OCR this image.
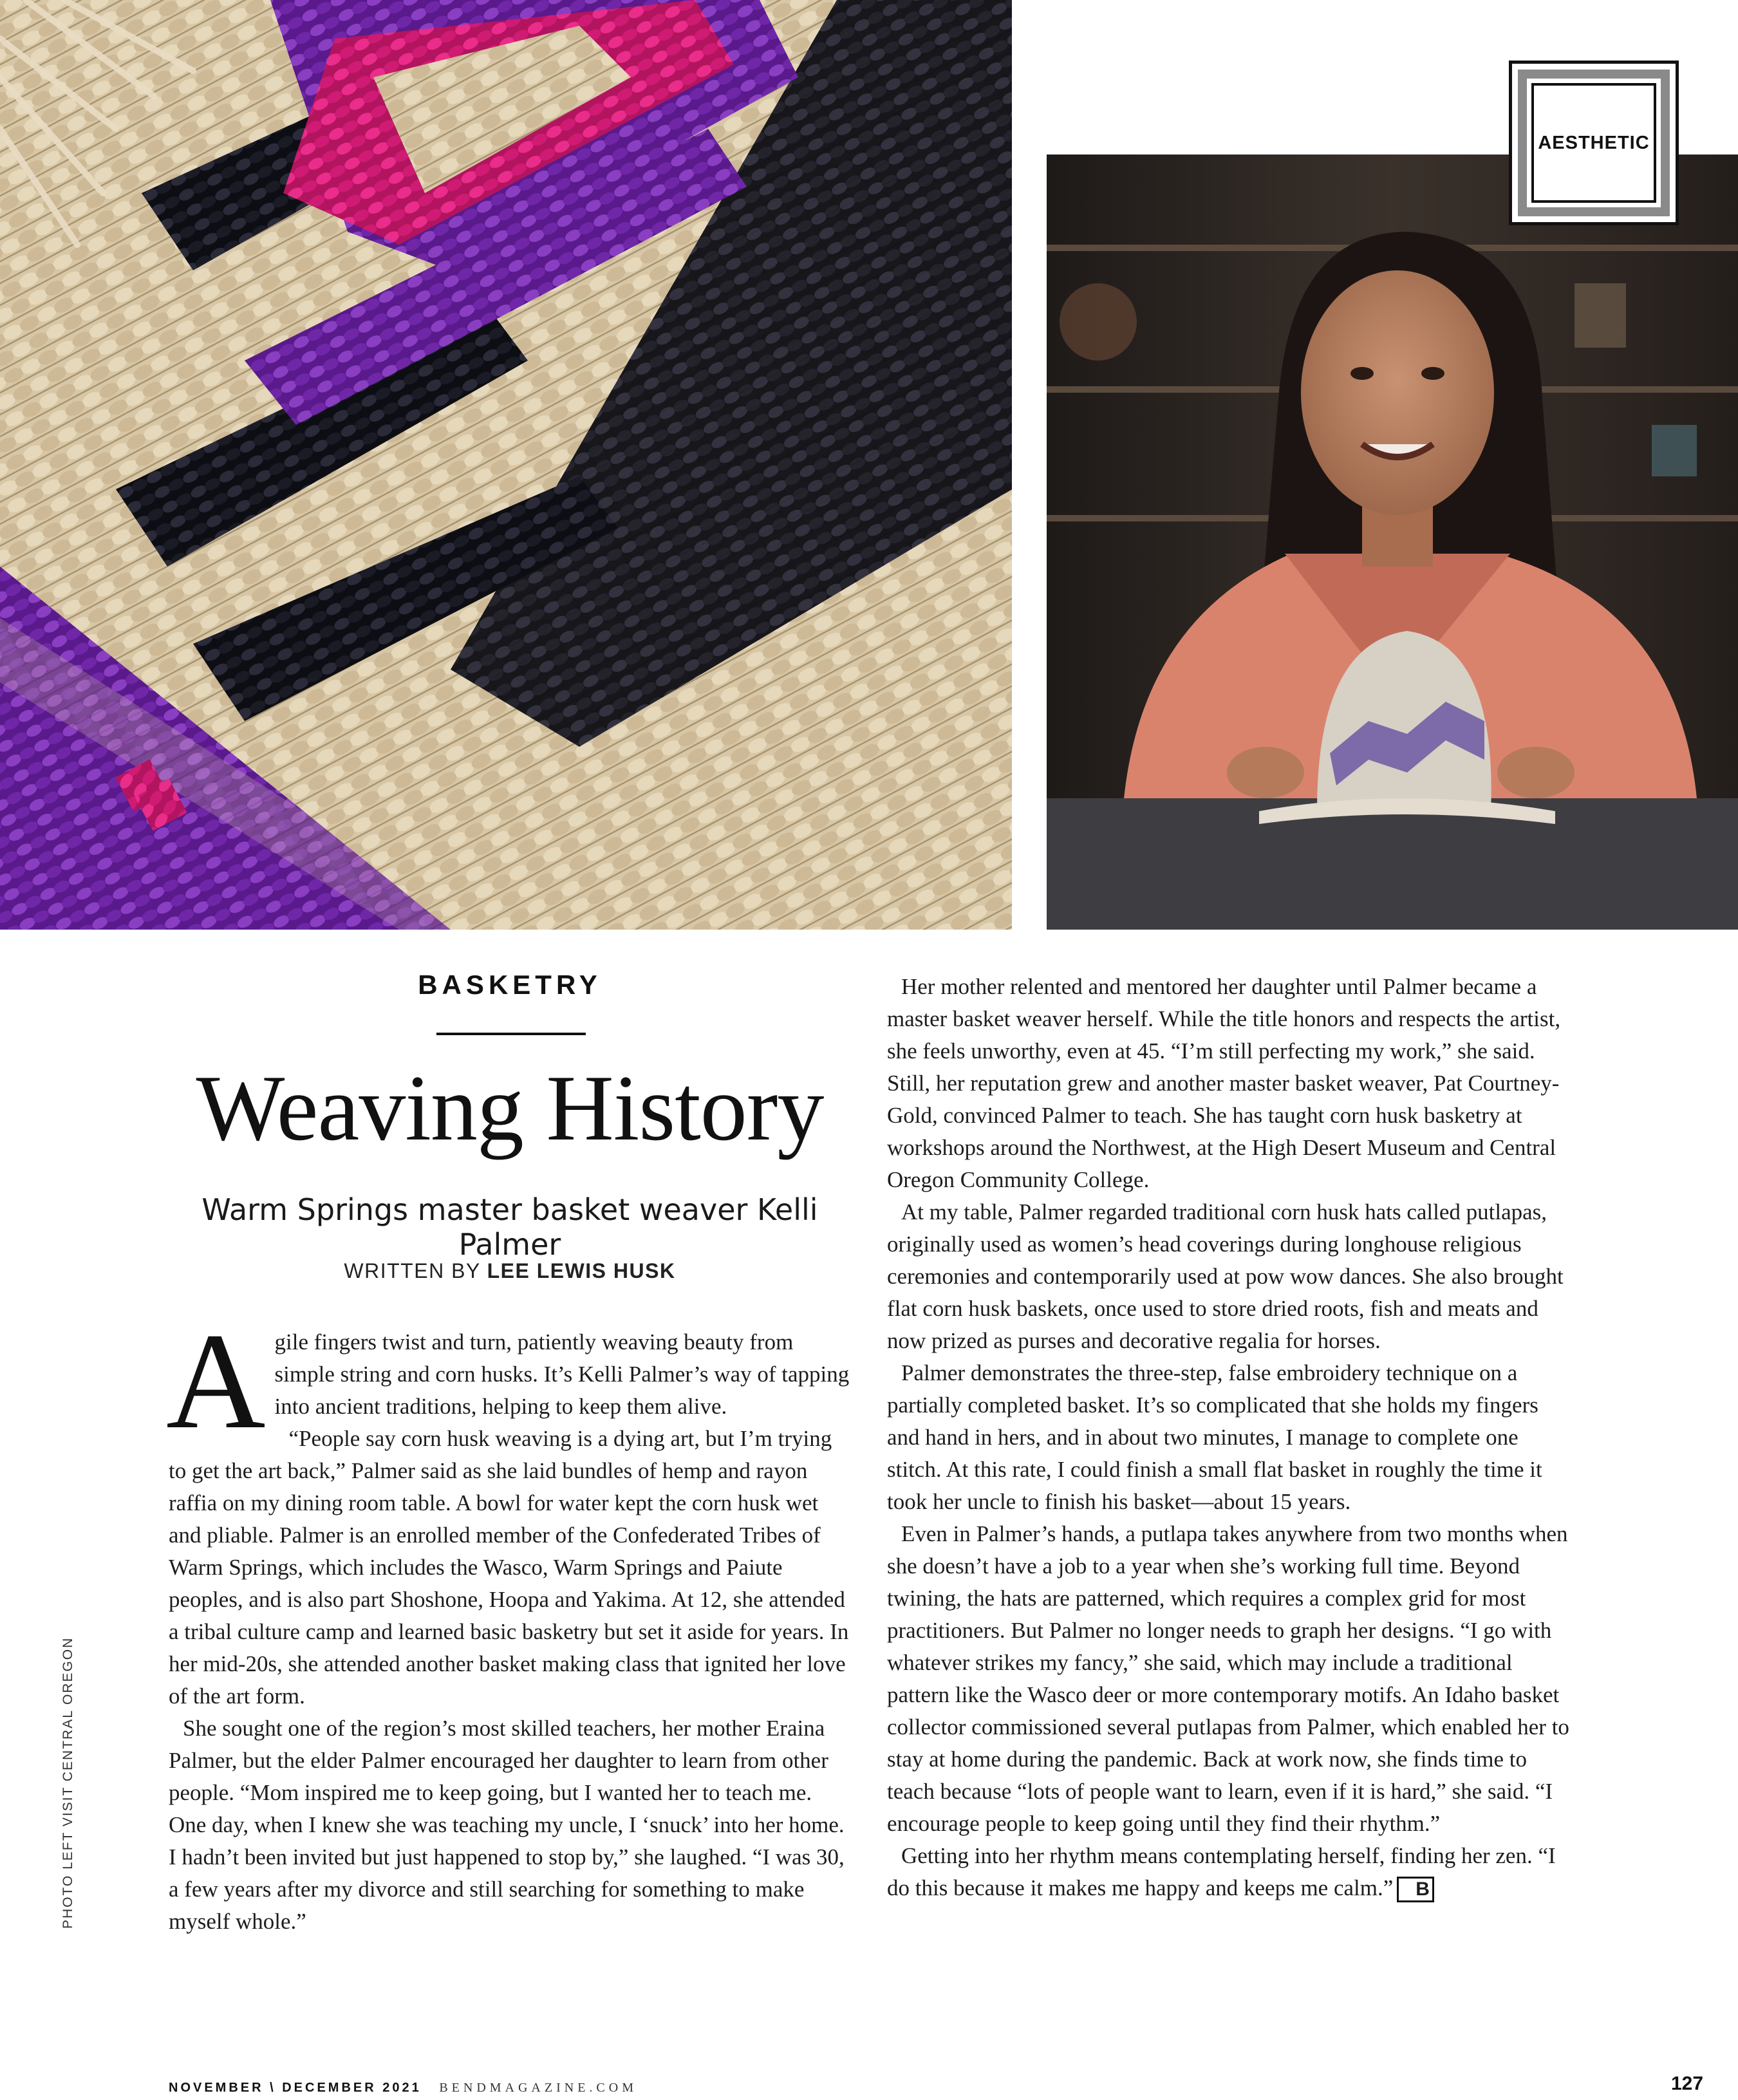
AESTHETIC
BASKETRY
Weaving History
Warm Springs master basket weaver Kelli Palmer
WRITTEN BY LEE LEWIS HUSK

Agile fingers twist and turn, patiently weaving beauty from simple string and corn husks. It’s Kelli Palmer’s way of tapping into ancient traditions, helping to keep them alive.

“People say corn husk weaving is a dying art, but I’m trying to get the art back,” Palmer said as she laid bundles of hemp and rayon raffia on my dining room table. A bowl for water kept the corn husk wet and pliable. Palmer is an enrolled member of the Confederated Tribes of Warm Springs, which includes the Wasco, Warm Springs and Paiute peoples, and is also part Shoshone, Hoopa and Yakima. At 12, she attended a tribal culture camp and learned basic basketry but set it aside for years. In her mid-20s, she attended another basket making class that ignited her love of the art form.

She sought one of the region’s most skilled teachers, her mother Eraina Palmer, but the elder Palmer encouraged her daughter to learn from other people. “Mom inspired me to keep going, but I wanted her to teach me. One day, when I knew she was teaching my uncle, I ‘snuck’ into her home. I hadn’t been invited but just happened to stop by,” she laughed. “I was 30, a few years after my divorce and still searching for something to make myself whole.”

Her mother relented and mentored her daughter until Palmer became a master basket weaver herself. While the title honors and respects the artist, she feels unworthy, even at 45. “I’m still perfecting my work,” she said. Still, her reputation grew and another master basket weaver, Pat Courtney-Gold, convinced Palmer to teach. She has taught corn husk basketry at workshops around the Northwest, at the High Desert Museum and Central Oregon Community College.

At my table, Palmer regarded traditional corn husk hats called putlapas, originally used as women’s head coverings during longhouse religious ceremonies and contemporarily used at pow wow dances. She also brought flat corn husk baskets, once used to store dried roots, fish and meats and now prized as purses and decorative regalia for horses.

Palmer demonstrates the three-step, false embroidery technique on a partially completed basket. It’s so complicated that she holds my fingers and hand in hers, and in about two minutes, I manage to complete one stitch. At this rate, I could finish a small flat basket in roughly the time it took her uncle to finish his basket—about 15 years.

Even in Palmer’s hands, a putlapa takes anywhere from two months when she doesn’t have a job to a year when she’s working full time. Beyond twining, the hats are patterned, which requires a complex grid for most practitioners. But Palmer no longer needs to graph her designs. “I go with whatever strikes my fancy,” she said, which may include a traditional pattern like the Wasco deer or more contemporary motifs. An Idaho basket collector commissioned several putlapas from Palmer, which enabled her to stay at home during the pandemic. Back at work now, she finds time to teach because “lots of people want to learn, even if it is hard,” she said. “I encourage people to keep going until they find their rhythm.”

Getting into her rhythm means contemplating herself, finding her zen. “I do this because it makes me happy and keeps me calm.” B

PHOTO LEFT VISIT CENTRAL OREGON
NOVEMBER \ DECEMBER 2021 BENDMAGAZINE.COM	127
